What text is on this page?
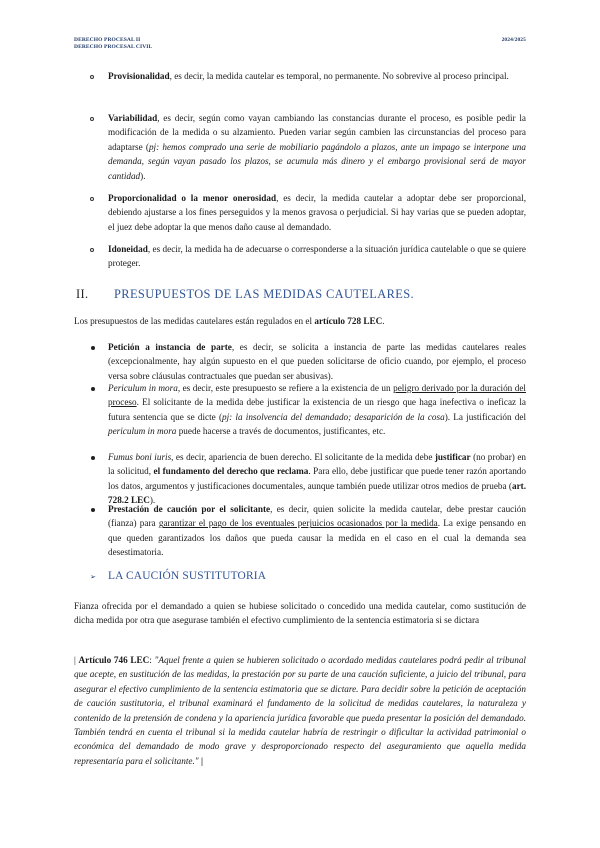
DERECHO PROCESAL II
DERECHO PROCESAL CIVIL
2024/2025
Provisionalidad, es decir, la medida cautelar es temporal, no permanente. No sobrevive al proceso principal.
Variabilidad, es decir, según como vayan cambiando las constancias durante el proceso, es posible pedir la modificación de la medida o su alzamiento. Pueden variar según cambien las circunstancias del proceso para adaptarse (pj: hemos comprado una serie de mobiliario pagándolo a plazos, ante un impago se interpone una demanda, según vayan pasado los plazos, se acumula más dinero y el embargo provisional será de mayor cantidad).
Proporcionalidad o la menor onerosidad, es decir, la medida cautelar a adoptar debe ser proporcional, debiendo ajustarse a los fines perseguidos y la menos gravosa o perjudicial. Si hay varias que se pueden adoptar, el juez debe adoptar la que menos daño cause al demandado.
Idoneidad, es decir, la medida ha de adecuarse o corresponderse a la situación jurídica cautelable o que se quiere proteger.
II. PRESUPUESTOS DE LAS MEDIDAS CAUTELARES.
Los presupuestos de las medidas cautelares están regulados en el artículo 728 LEC.
Petición a instancia de parte, es decir, se solicita a instancia de parte las medidas cautelares reales (excepcionalmente, hay algún supuesto en el que pueden solicitarse de oficio cuando, por ejemplo, el proceso versa sobre cláusulas contractuales que puedan ser abusivas).
Periculum in mora, es decir, este presupuesto se refiere a la existencia de un peligro derivado por la duración del proceso. El solicitante de la medida debe justificar la existencia de un riesgo que haga inefectiva o ineficaz la futura sentencia que se dicte (pj: la insolvencia del demandado; desaparición de la cosa). La justificación del periculum in mora puede hacerse a través de documentos, justificantes, etc.
Fumus boni iuris, es decir, apariencia de buen derecho. El solicitante de la medida debe justificar (no probar) en la solicitud, el fundamento del derecho que reclama. Para ello, debe justificar que puede tener razón aportando los datos, argumentos y justificaciones documentales, aunque también puede utilizar otros medios de prueba (art. 728.2 LEC).
Prestación de caución por el solicitante, es decir, quien solicite la medida cautelar, debe prestar caución (fianza) para garantizar el pago de los eventuales perjuicios ocasionados por la medida. La exige pensando en que queden garantizados los daños que pueda causar la medida en el caso en el cual la demanda sea desestimatoria.
➢ LA CAUCIÓN SUSTITUTORIA
Fianza ofrecida por el demandado a quien se hubiese solicitado o concedido una medida cautelar, como sustitución de dicha medida por otra que asegurase también el efectivo cumplimiento de la sentencia estimatoria si se dictara
| Artículo 746 LEC: "Aquel frente a quien se hubieren solicitado o acordado medidas cautelares podrá pedir al tribunal que acepte, en sustitución de las medidas, la prestación por su parte de una caución suficiente, a juicio del tribunal, para asegurar el efectivo cumplimiento de la sentencia estimatoria que se dictare. Para decidir sobre la petición de aceptación de caución sustitutoria, el tribunal examinará el fundamento de la solicitud de medidas cautelares, la naturaleza y contenido de la pretensión de condena y la apariencia jurídica favorable que pueda presentar la posición del demandado. También tendrá en cuenta el tribunal si la medida cautelar habría de restringir o dificultar la actividad patrimonial o económica del demandado de modo grave y desproporcionado respecto del aseguramiento que aquella medida representaría para el solicitante." |
